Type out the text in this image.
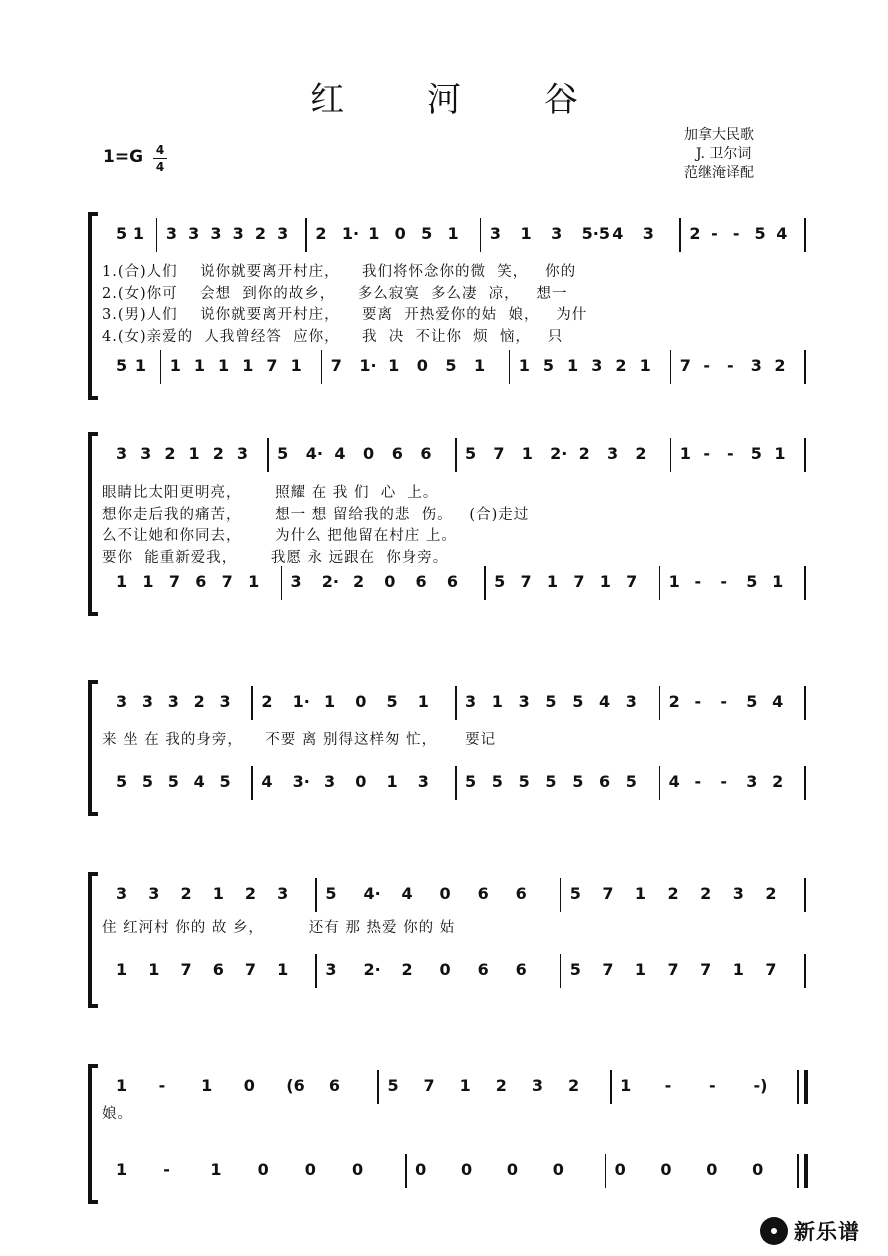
红 河 谷
1=G	4
4
加拿大民歌
J. 卫尔词
范继淹译配
5 1 3 3 3 3 2 3 2 1· 1 0 5 1 3 1 3 5·5 4 3 2 - - 5 4
1.(合)人们    说你就要离开村庄，    我们将怀念你的微  笑，   你的
2.(女)你可    会想  到你的故乡，    多么寂寞  多么凄  凉，   想一
3.(男)人们    说你就要离开村庄，    要离  开热爱你的姑  娘，   为什
4.(女)亲爱的  人我曾经答  应你，    我  决  不让你  烦  恼，   只
5 1 1 1 1 1 7 1 7 1· 1 0 5 1 1 5 1 3 2 1 7 - - 3 2
3 3 2 1 2 3 5 4· 4 0 6 6 5 7 1 2· 2 3 2 1 - - 5 1
眼睛比太阳更明亮，      照耀 在 我 们  心  上。
想你走后我的痛苦，      想一 想 留给我的悲  伤。   (合)走过
么不让她和你同去，      为什么 把他留在村庄 上。
要你  能重新爱我，      我愿 永 远跟在  你身旁。
1 1 7 6 7 1 3 2· 2 0 6 6 5 7 1 7 1 7 1 - - 5 1
3 3 3 2 3 2 1· 1 0 5 1 3 1 3 5 5 4 3 2 - - 5 4
来 坐 在 我的身旁，    不要 离 别得这样匆 忙，     要记
5 5 5 4 5 4 3· 3 0 1 3 5 5 5 5 5 6 5 4 - - 3 2
3 3 2 1 2 3 5 4· 4 0 6 6	5 7 1 2 2 3 2
住 红河村 你的 故 乡，        还有 那 热爱 你的 姑
1 1 7 6 7 1 3 2· 2 0 6 6	5 7 1 7 7 1 7
1 - 1 0 (6 6	5 7 1 2 3 2	1 - - -)
娘。
1 -	1 0 0 0	0 0 0 0	0 0 0 0
新乐谱
